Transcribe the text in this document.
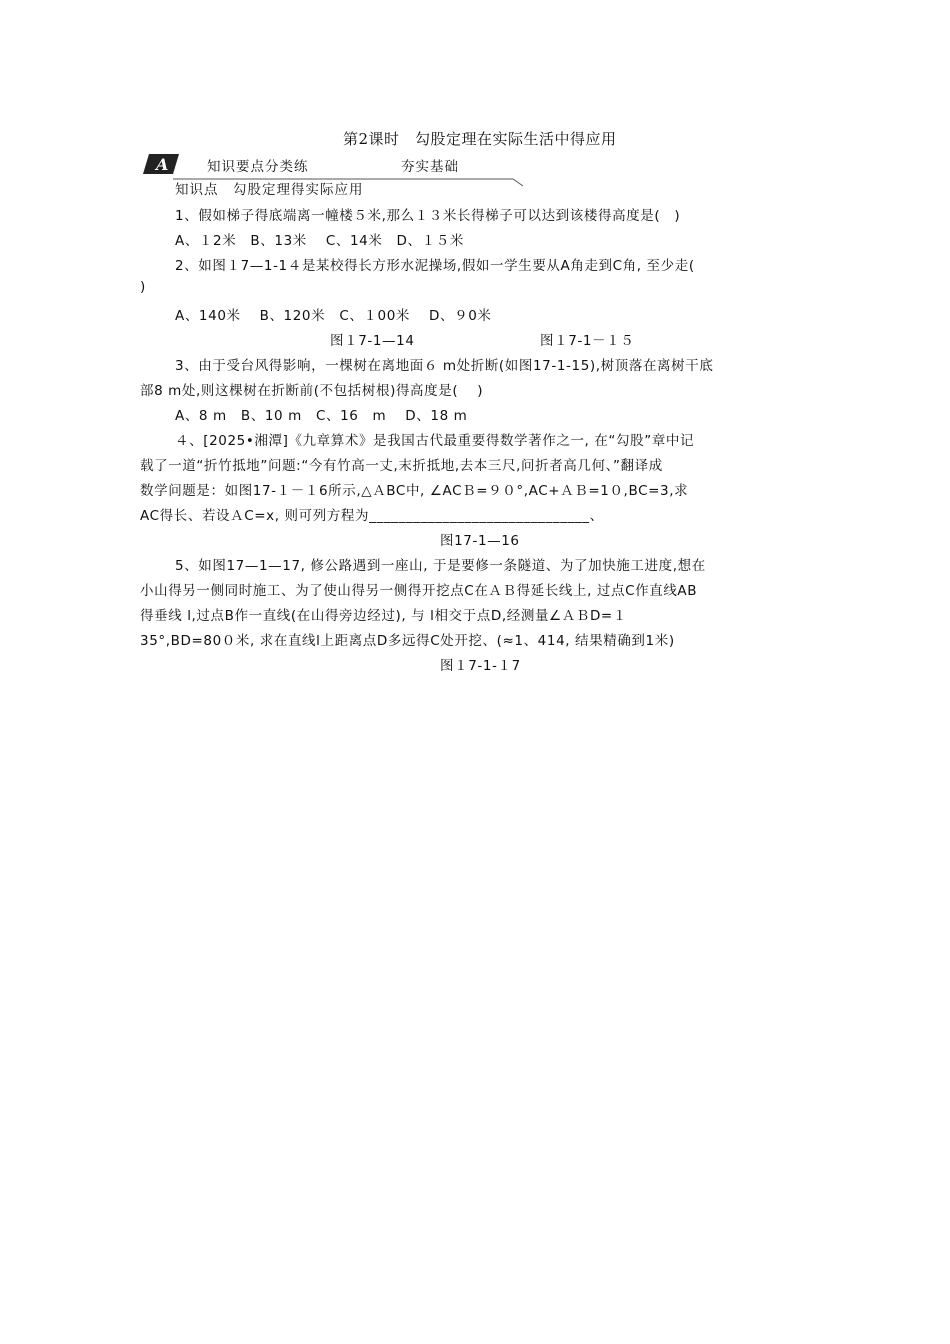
第2课时　勾股定理在实际生活中得应用
A	知识要点分类练	夯实基础
知识点　勾股定理得实际应用
1、假如梯子得底端离一幢楼５米,那么１３米长得梯子可以达到该楼得高度是(　)
A、１2米　B、13米　 C、14米　D、１５米
2、如图１7—1-1４是某校得长方形水泥操场,假如一学生要从A角走到C角, 至少走(
)
A、140米　 B、120米　C、１00米　 D、９0米
图１7-1—14	图１7-1－１５
3、由于受台风得影响，一棵树在离地面６ m处折断(如图17-1-15),树顶落在离树干底
部8 m处,则这棵树在折断前(不包括树根)得高度是(　 )
A、8 m　B、10 m　C、16　m　 D、18 m
４、[2025•湘潭]《九章算术》是我国古代最重要得数学著作之一, 在“勾股”章中记
载了一道“折竹抵地”问题:“今有竹高一丈,末折抵地,去本三尺,问折者高几何、”翻译成
数学问题是：如图17-１－１6所示,△ＡBC中, ∠ACＢ=９０°,AC+ＡＢ=1０,BC=3,求
AC得长、若设ＡC=x, 则可列方程为______________________________、
图17-1—16
5、如图17—1—17, 修公路遇到一座山, 于是要修一条隧道、为了加快施工进度,想在
小山得另一侧同时施工、为了使山得另一侧得开挖点C在ＡＢ得延长线上, 过点C作直线AB
得垂线 l,过点B作一直线(在山得旁边经过), 与 l相交于点D,经测量∠ＡＢD=１
35°,BD=80０米, 求在直线l上距离点D多远得C处开挖、(≈1、414, 结果精确到1米)
图１7-1-１7
